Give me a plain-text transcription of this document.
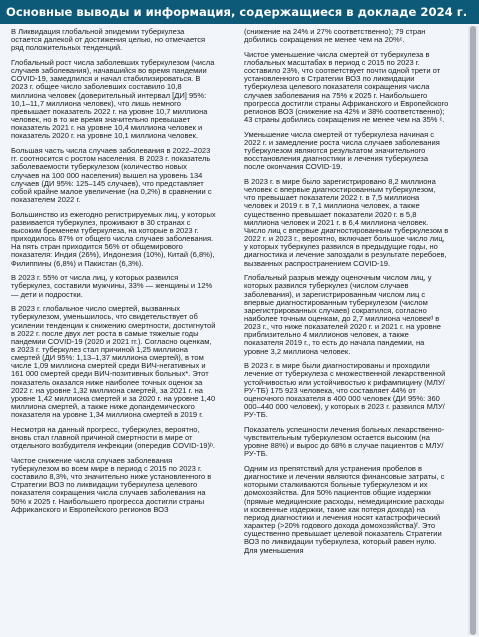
Основные выводы и информация, содержащиеся в докладе 2024 г.

В Ликвидация глобальной эпидемии туберкулеза остается далекой от достижения целью, но отмечается ряд положительных тенденций.

Глобальный рост числа заболевших туберкулезом (числа случаев заболевания), начавшийся во время пандемии COVID-19, замедлился и начал стабилизироваться. В 2023 г. общее число заболевших составило 10,8 миллиона человек (доверительный интервал [ДИ] 95%: 10,1–11,7 миллиона человек), что лишь немного превышает показатель 2022 г. на уровне 10,7 миллиона человек, но в то же время значительно превышает показатель 2021 г. на уровне 10,4 миллиона человек и показатель 2020 г. на уровне 10,1 миллиона человек.

Большая часть числа случаев заболевания в 2022–2023 гг. соотносится с ростом населения. В 2023 г. показатель заболеваемости туберкулезом (количество новых случаев на 100 000 населения) вышел на уровень 134 случаев (ДИ 95%: 125–145 случаев), что представляет собой крайне малое увеличение (на 0,2%) в сравнении с показателем 2022 г.

Большинство из ежегодно регистрируемых лиц, у которых развивается туберкулез, проживают в 30 странах с высоким бременем туберкулеза, на которые в 2023 г. приходилось 87% от общего числа случаев заболевания. На пять стран приходится 56% от общемирового показателя: Индия (26%), Индонезия (10%), Китай (6,8%), Филиппины (6,8%) и Пакистан (6,3%).

В 2023 г. 55% от числа лиц, у которых развился туберкулез, составили мужчины, 33% — женщины и 12% — дети и подростки.

В 2023 г. глобальное число смертей, вызванных туберкулезом, уменьшилось, что свидетельствует об усилении тенденции к снижению смертности, достигнутой в 2022 г. после двух лет роста в самые тяжелые годы пандемии COVID-19 (2020 и 2021 гг.). Согласно оценкам, в 2023 г. туберкулез стал причиной 1,25 миллиона смертей (ДИ 95%: 1,13–1,37 миллиона смертей), в том числе 1,09 миллиона смертей среди ВИЧ-негативных и 161 000 смертей среди ВИЧ-позитивных больных*. Этот показатель оказался ниже наиболее точных оценок за 2022 г. на уровне 1,32 миллиона смертей, за 2021 г. на уровне 1,42 миллиона смертей и за 2020 г. на уровне 1,40 миллиона смертей, а также ниже допандемического показателя на уровне 1,34 миллиона смертей в 2019 г.

Несмотря на данный прогресс, туберкулез, вероятно, вновь стал главной причиной смертности в мире от отдельного возбудителя инфекции (опередив COVID-19)ᵇ.

Чистое снижение числа случаев заболевания туберкулезом во всем мире в период с 2015 по 2023 г. составило 8,3%, что значительно ниже установленного в Стратегии ВОЗ по ликвидации туберкулеза целевого показателя сокращения числа случаев заболевания на 50% к 2025 г. Наибольшего прогресса достигли страны Африканского и Европейского регионов ВОЗ

(снижение на 24% и 27% соответственно); 79 стран добились сокращения не менее чем на 20%ᶜ.

Чистое уменьшение числа смертей от туберкулеза в глобальных масштабах в период с 2015 по 2023 г. составило 23%, что соответствует почти одной трети от установленного в Стратегии ВОЗ по ликвидации туберкулеза целевого показателя сокращения числа случаев заболевания на 75% к 2025 г. Наибольшего прогресса достигли страны Африканского и Европейского регионов ВОЗ (снижение на 42% и 38% соответственно); 43 страны добились сокращения не менее чем на 35% ᶜ.

Уменьшение числа смертей от туберкулеза начиная с 2022 г. и замедление роста числа случаев заболевания туберкулезом являются результатом значительного восстановления диагностики и лечения туберкулеза после окончания COVID-19.

В 2023 г. в мире было зарегистрировано 8,2 миллиона человек с впервые диагностированным туберкулезом, что превышает показатели 2022 г. в 7,5 миллиона человек и 2019 г. в 7,1 миллиона человек, а также существенно превышает показатели 2020 г. в 5,8 миллиона человек и 2021 г. в 6,4 миллиона человек. Число лиц с впервые диагностированным туберкулезом в 2022 г. и 2023 г., вероятно, включает большое число лиц, у которых туберкулез развился в предыдущие годы, но диагностика и лечение запоздали в результате перебоев, вызванных распространением COVID-19.

Глобальный разрыв между оценочным числом лиц, у которых развился туберкулез (числом случаев заболевания), и зарегистрированным числом лиц с впервые диагностированным туберкулезом (числом зарегистрированных случаев) сократился, согласно наиболее точным оценкам, до 2,7 миллиона человекᵈ в 2023 г., что ниже показателей 2020 г. и 2021 г. на уровне приблизительно 4 миллионов человек, а также показателя 2019 г., то есть до начала пандемии, на уровне 3,2 миллиона человек.

В 2023 г. в мире были диагностированы и проходили лечение от туберкулеза с множественной лекарственной устойчивостью или устойчивостью к рифампицину (МЛУ/РУ-ТБ) 175 923 человека, что составляет 44% от оценочного показателя в 400 000 человек (ДИ 95%: 360 000–440 000 человек), у которых в 2023 г. развился МЛУ/РУ-ТБ.

Показатель успешности лечения больных лекарственно-чувствительным туберкулезом остается высоким (на уровне 88%) и вырос до 68% в случае пациентов с МЛУ/РУ-ТБ.

Одним из препятствий для устранения пробелов в диагностике и лечении являются финансовые затраты, с которыми сталкиваются больные туберкулезом и их домохозяйства. Для 50% пациентов общие издержки (прямые медицинские расходы, немедицинские расходы и косвенные издержки, такие как потеря дохода) на период диагностики и лечения носят катастрофический характер (>20% годового дохода домохозяйства)ᶠ. Это существенно превышает целевой показатель Стратегии ВОЗ по ликвидации туберкулеза, который равен нулю. Для уменьшения
